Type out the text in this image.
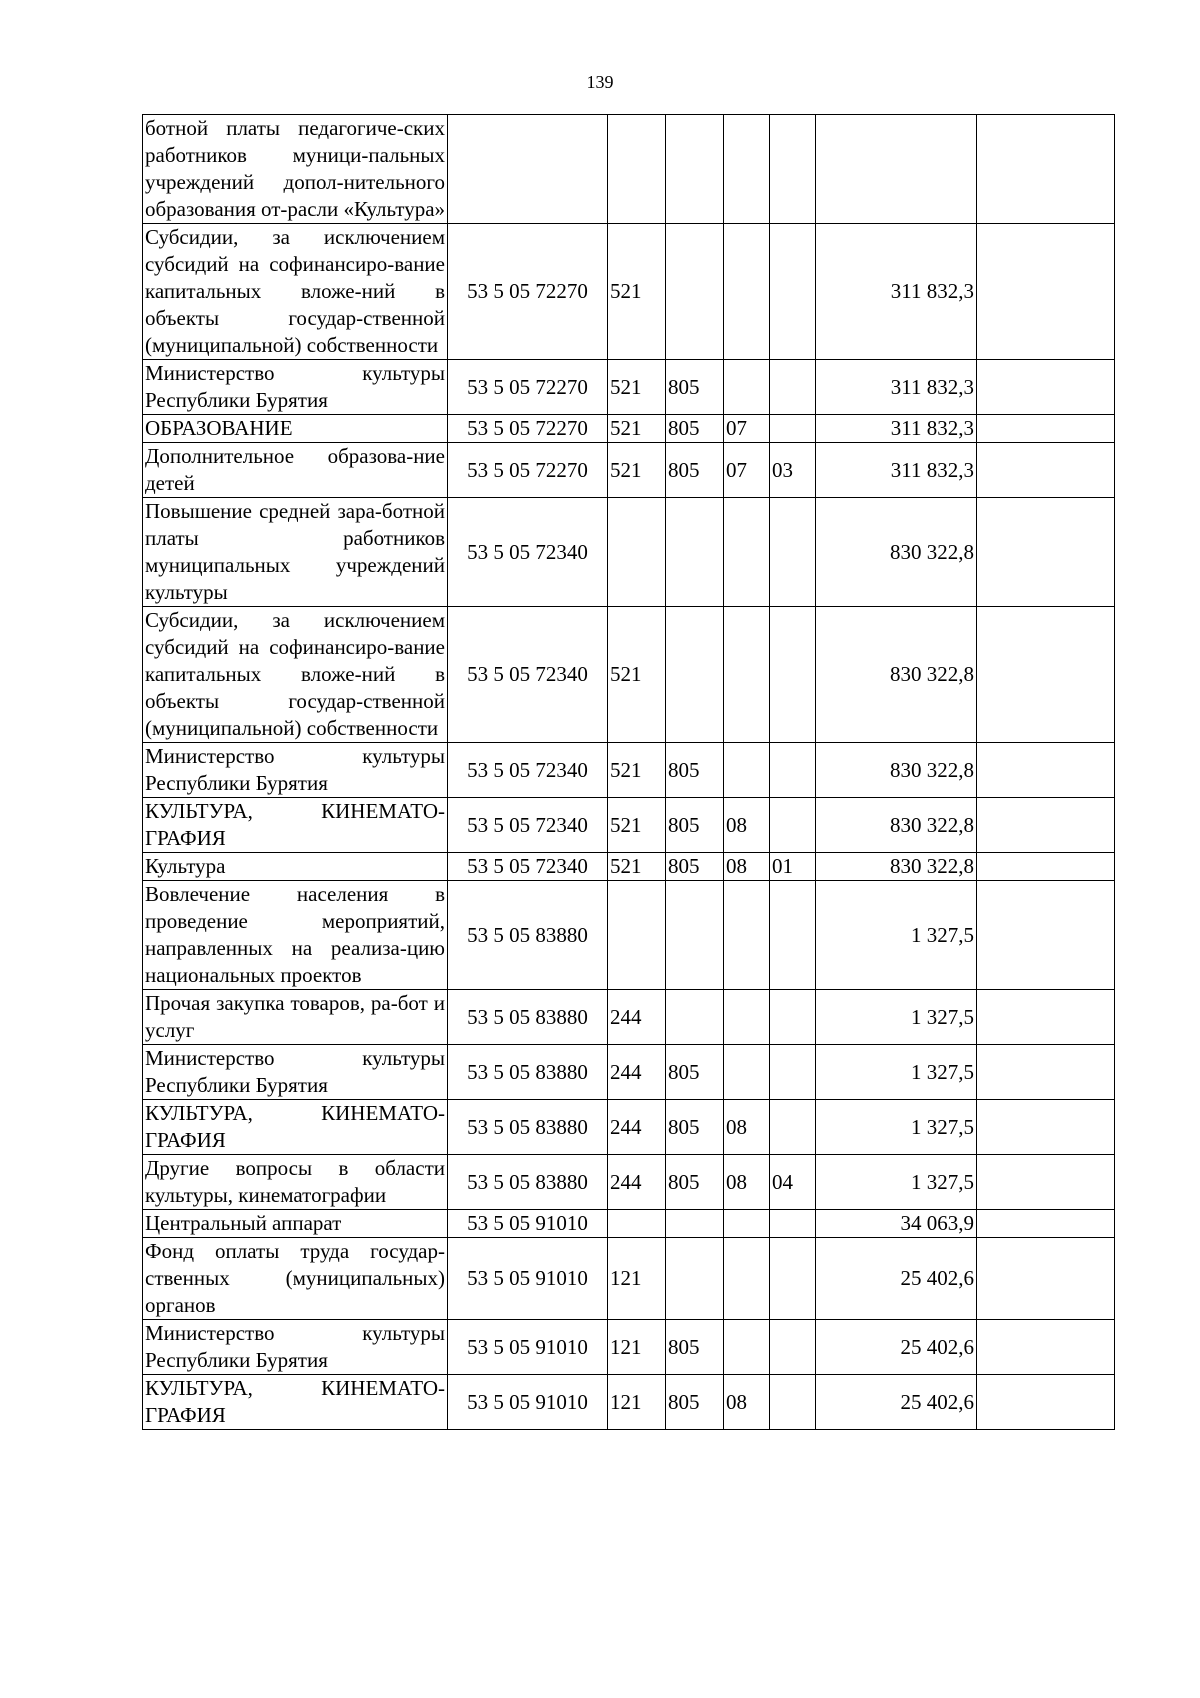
139
ботной платы педагогиче-ских работников муници-пальных учреждений допол-нительного образования от-расли «Культура»							
Субсидии, за исключением субсидий на софинансиро-вание капитальных вложе-ний в объекты государ-ственной (муниципальной) собственности	53 5 05 72270	521				311 832,3	
Министерство культуры Республики Бурятия	53 5 05 72270	521	805			311 832,3	
ОБРАЗОВАНИЕ	53 5 05 72270	521	805	07		311 832,3	
Дополнительное образова-ние детей	53 5 05 72270	521	805	07	03	311 832,3	
Повышение средней зара-ботной платы работников муниципальных учреждений культуры	53 5 05 72340					830 322,8	
Субсидии, за исключением субсидий на софинансиро-вание капитальных вложе-ний в объекты государ-ственной (муниципальной) собственности	53 5 05 72340	521				830 322,8	
Министерство культуры Республики Бурятия	53 5 05 72340	521	805			830 322,8	
КУЛЬТУРА, КИНЕМАТО-ГРАФИЯ	53 5 05 72340	521	805	08		830 322,8	
Культура	53 5 05 72340	521	805	08	01	830 322,8	
Вовлечение населения в проведение мероприятий, направленных на реализа-цию национальных проектов	53 5 05 83880					1 327,5	
Прочая закупка товаров, ра-бот и услуг	53 5 05 83880	244				1 327,5	
Министерство культуры Республики Бурятия	53 5 05 83880	244	805			1 327,5	
КУЛЬТУРА, КИНЕМАТО-ГРАФИЯ	53 5 05 83880	244	805	08		1 327,5	
Другие вопросы в области культуры, кинематографии	53 5 05 83880	244	805	08	04	1 327,5	
Центральный аппарат	53 5 05 91010					34 063,9	
Фонд оплаты труда государ-ственных (муниципальных) органов	53 5 05 91010	121				25 402,6	
Министерство культуры Республики Бурятия	53 5 05 91010	121	805			25 402,6	
КУЛЬТУРА, КИНЕМАТО-ГРАФИЯ	53 5 05 91010	121	805	08		25 402,6	
